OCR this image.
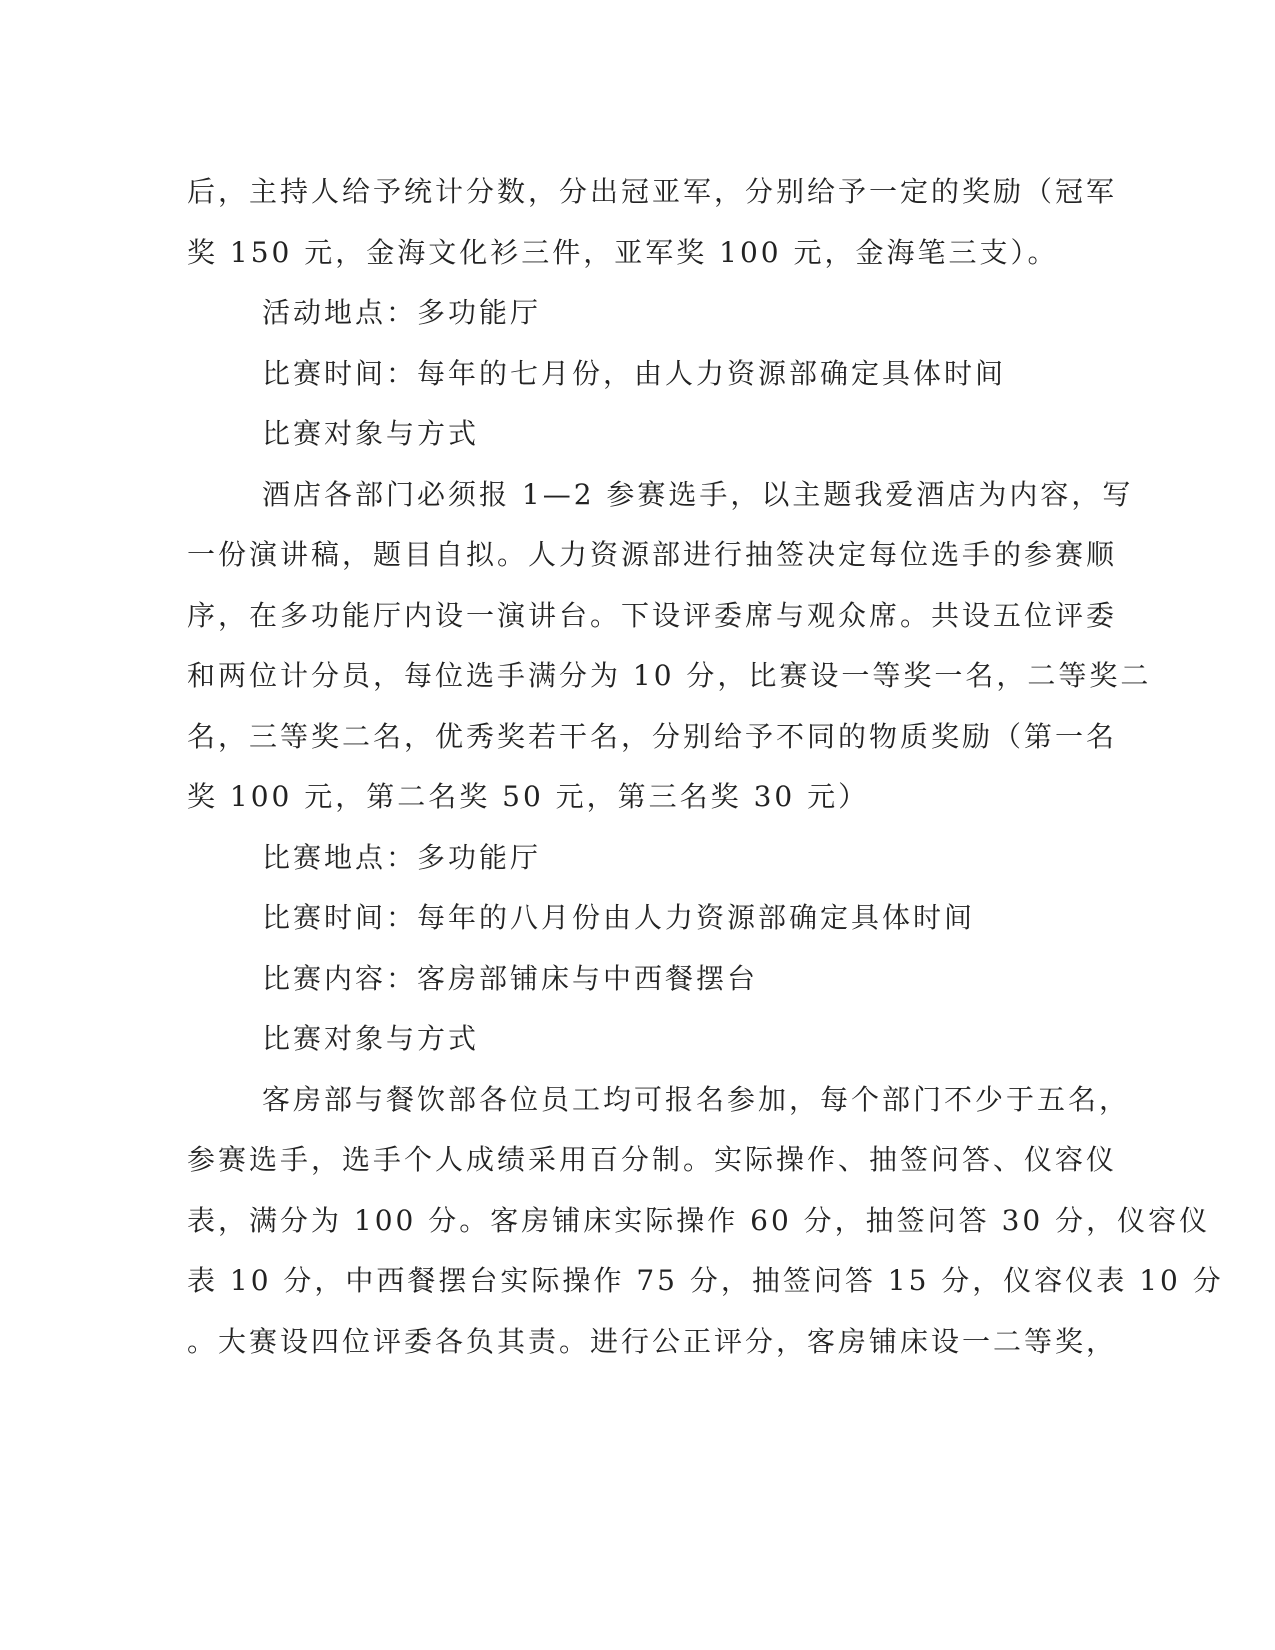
后，主持人给予统计分数，分出冠亚军，分别给予一定的奖励（冠军

奖 150 元，金海文化衫三件，亚军奖 100 元，金海笔三支）。

活动地点：多功能厅

比赛时间：每年的七月份，由人力资源部确定具体时间

比赛对象与方式

酒店各部门必须报 1—2 参赛选手，以主题我爱酒店为内容，写

一份演讲稿，题目自拟。人力资源部进行抽签决定每位选手的参赛顺

序，在多功能厅内设一演讲台。下设评委席与观众席。共设五位评委

和两位计分员，每位选手满分为 10 分，比赛设一等奖一名，二等奖二

名，三等奖二名，优秀奖若干名，分别给予不同的物质奖励（第一名

奖 100 元，第二名奖 50 元，第三名奖 30 元）

比赛地点：多功能厅

比赛时间：每年的八月份由人力资源部确定具体时间

比赛内容：客房部铺床与中西餐摆台

比赛对象与方式

客房部与餐饮部各位员工均可报名参加，每个部门不少于五名，

参赛选手，选手个人成绩采用百分制。实际操作、抽签问答、仪容仪

表，满分为 100 分。客房铺床实际操作 60 分，抽签问答 30 分，仪容仪

表 10 分，中西餐摆台实际操作 75 分，抽签问答 15 分，仪容仪表 10 分

。大赛设四位评委各负其责。进行公正评分，客房铺床设一二等奖，
